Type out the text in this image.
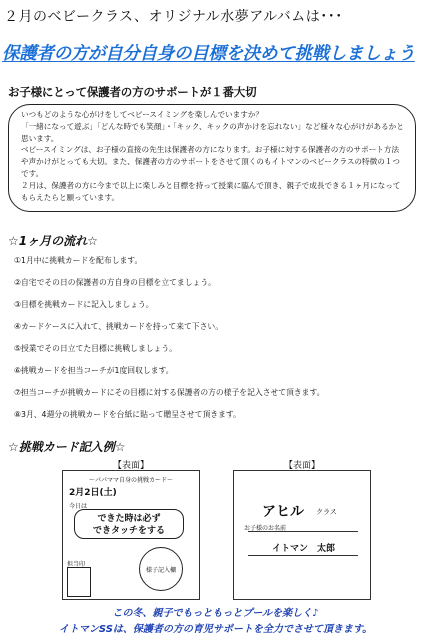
２月のベビークラス、オリジナル水夢アルバムは･･･
保護者の方が自分自身の目標を決めて挑戦しましょう
お子様にとって保護者の方のサポートが１番大切

いつもどのような心がけをしてベビースイミングを楽しんでいますか？

「一緒になって遊ぶ」「どんな時でも笑顔」・「キック、キックの声かけを忘れない」など様々な心がけがあるかと思います。

ベビースイミングは、お子様の直接の先生は保護者の方になります。お子様に対する保護者の方のサポート方法や声かけがとっても大切。また、保護者の方のサポートをさせて頂くのもイトマンのベビークラスの特徴の１つです。

２月は、保護者の方に今まで以上に楽しみと目標を持って授業に臨んで頂き、親子で成長できる１ヶ月になってもらえたらと願っています。

☆1ヶ月の流れ☆
①1月中に挑戦カードを配布します。
②自宅でその日の保護者の方自身の目標を立てましょう。
③目標を挑戦カードに記入しましょう。
④カードケースに入れて、挑戦カードを持って来て下さい。
⑤授業でその日立てた目標に挑戦しましょう。
⑥挑戦カードを担当コーチが1度回収します。
⑦担当コーチが挑戦カードにその目標に対する保護者の方の様子を記入させて頂きます。
⑧3月、4週分の挑戦カードを台紙に貼って贈呈させて頂きます。
☆挑戦カード記入例☆
【表面】	【表面】
～パパママ自身の挑戦カード～
2月2日(土)
今日は
できた時は必ず
できタッチをする
担当印
様子記入欄
アヒル クラス
お子様のお名前
イトマン　太郎
この冬、親子でもっともっとプールを楽しく♪
イトマンSSは、保護者の方の育児サポートを全力でさせて頂きます。
